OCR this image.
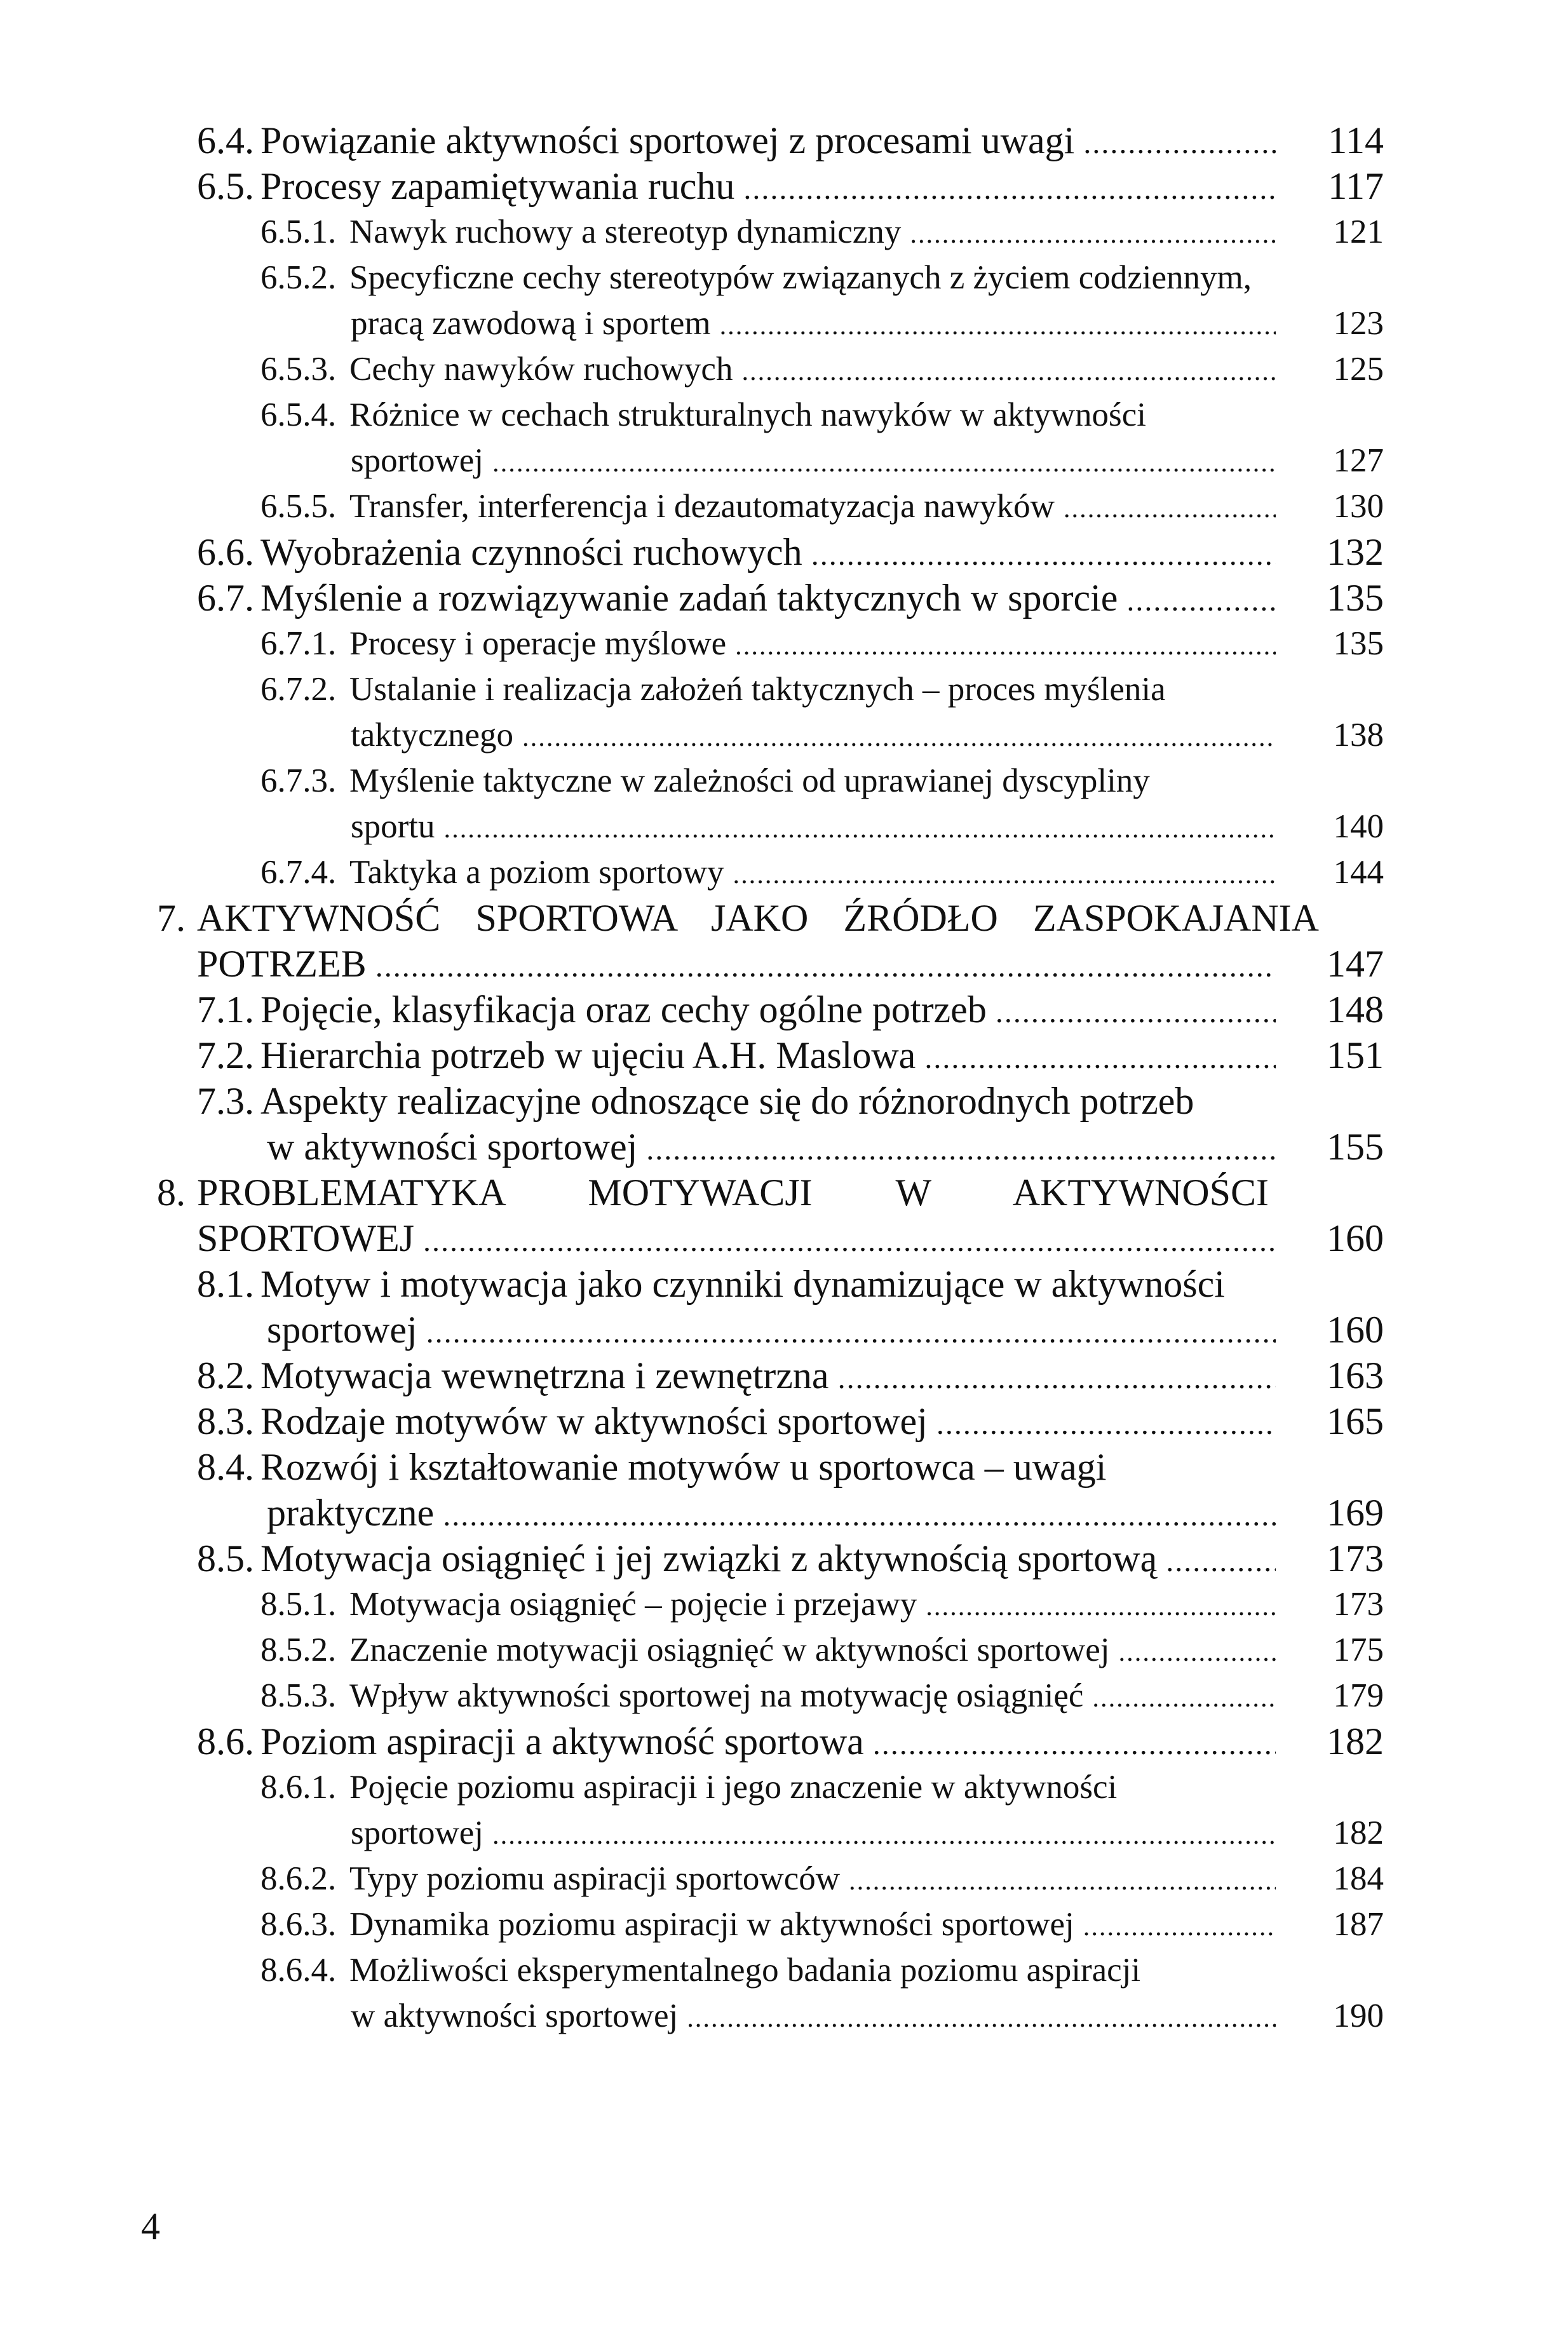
6.4. Powiązanie aktywności sportowej z procesami uwagi .....	114
6.5. Procesy zapamiętywania ruchu .....	117
6.5.1. Nawyk ruchowy a stereotyp dynamiczny .....	121
6.5.2. Specyficzne cechy stereotypów związanych z życiem codziennym,
pracą zawodową i sportem .....	123
6.5.3. Cechy nawyków ruchowych .....	125
6.5.4. Różnice w cechach strukturalnych nawyków w aktywności
sportowej .....	127
6.5.5. Transfer, interferencja i dezautomatyzacja nawyków .....	130
6.6. Wyobrażenia czynności ruchowych .....	132
6.7. Myślenie a rozwiązywanie zadań taktycznych w sporcie .....	135
6.7.1. Procesy i operacje myślowe .....	135
6.7.2. Ustalanie i realizacja założeń taktycznych – proces myślenia
taktycznego .....	138
6.7.3. Myślenie taktyczne w zależności od uprawianej dyscypliny
sportu .....	140
6.7.4. Taktyka a poziom sportowy .....	144
7. AKTYWNOŚĆ SPORTOWA JAKO ŹRÓDŁO ZASPOKAJANIA
POTRZEB .....	147
7.1. Pojęcie, klasyfikacja oraz cechy ogólne potrzeb .....	148
7.2. Hierarchia potrzeb w ujęciu A.H. Maslowa .....	151
7.3. Aspekty realizacyjne odnoszące się do różnorodnych potrzeb
w aktywności sportowej .....	155
8. PROBLEMATYKA MOTYWACJI W AKTYWNOŚCI
SPORTOWEJ .....	160
8.1. Motyw i motywacja jako czynniki dynamizujące w aktywności
sportowej .....	160
8.2. Motywacja wewnętrzna i zewnętrzna .....	163
8.3. Rodzaje motywów w aktywności sportowej .....	165
8.4. Rozwój i kształtowanie motywów u sportowca – uwagi
praktyczne .....	169
8.5. Motywacja osiągnięć i jej związki z aktywnością sportową .....	173
8.5.1. Motywacja osiągnięć – pojęcie i przejawy .....	173
8.5.2. Znaczenie motywacji osiągnięć w aktywności sportowej .....	175
8.5.3. Wpływ aktywności sportowej na motywację osiągnięć .....	179
8.6. Poziom aspiracji a aktywność sportowa .....	182
8.6.1. Pojęcie poziomu aspiracji i jego znaczenie w aktywności
sportowej .....	182
8.6.2. Typy poziomu aspiracji sportowców .....	184
8.6.3. Dynamika poziomu aspiracji w aktywności sportowej .....	187
8.6.4. Możliwości eksperymentalnego badania poziomu aspiracji
w aktywności sportowej .....	190
4
